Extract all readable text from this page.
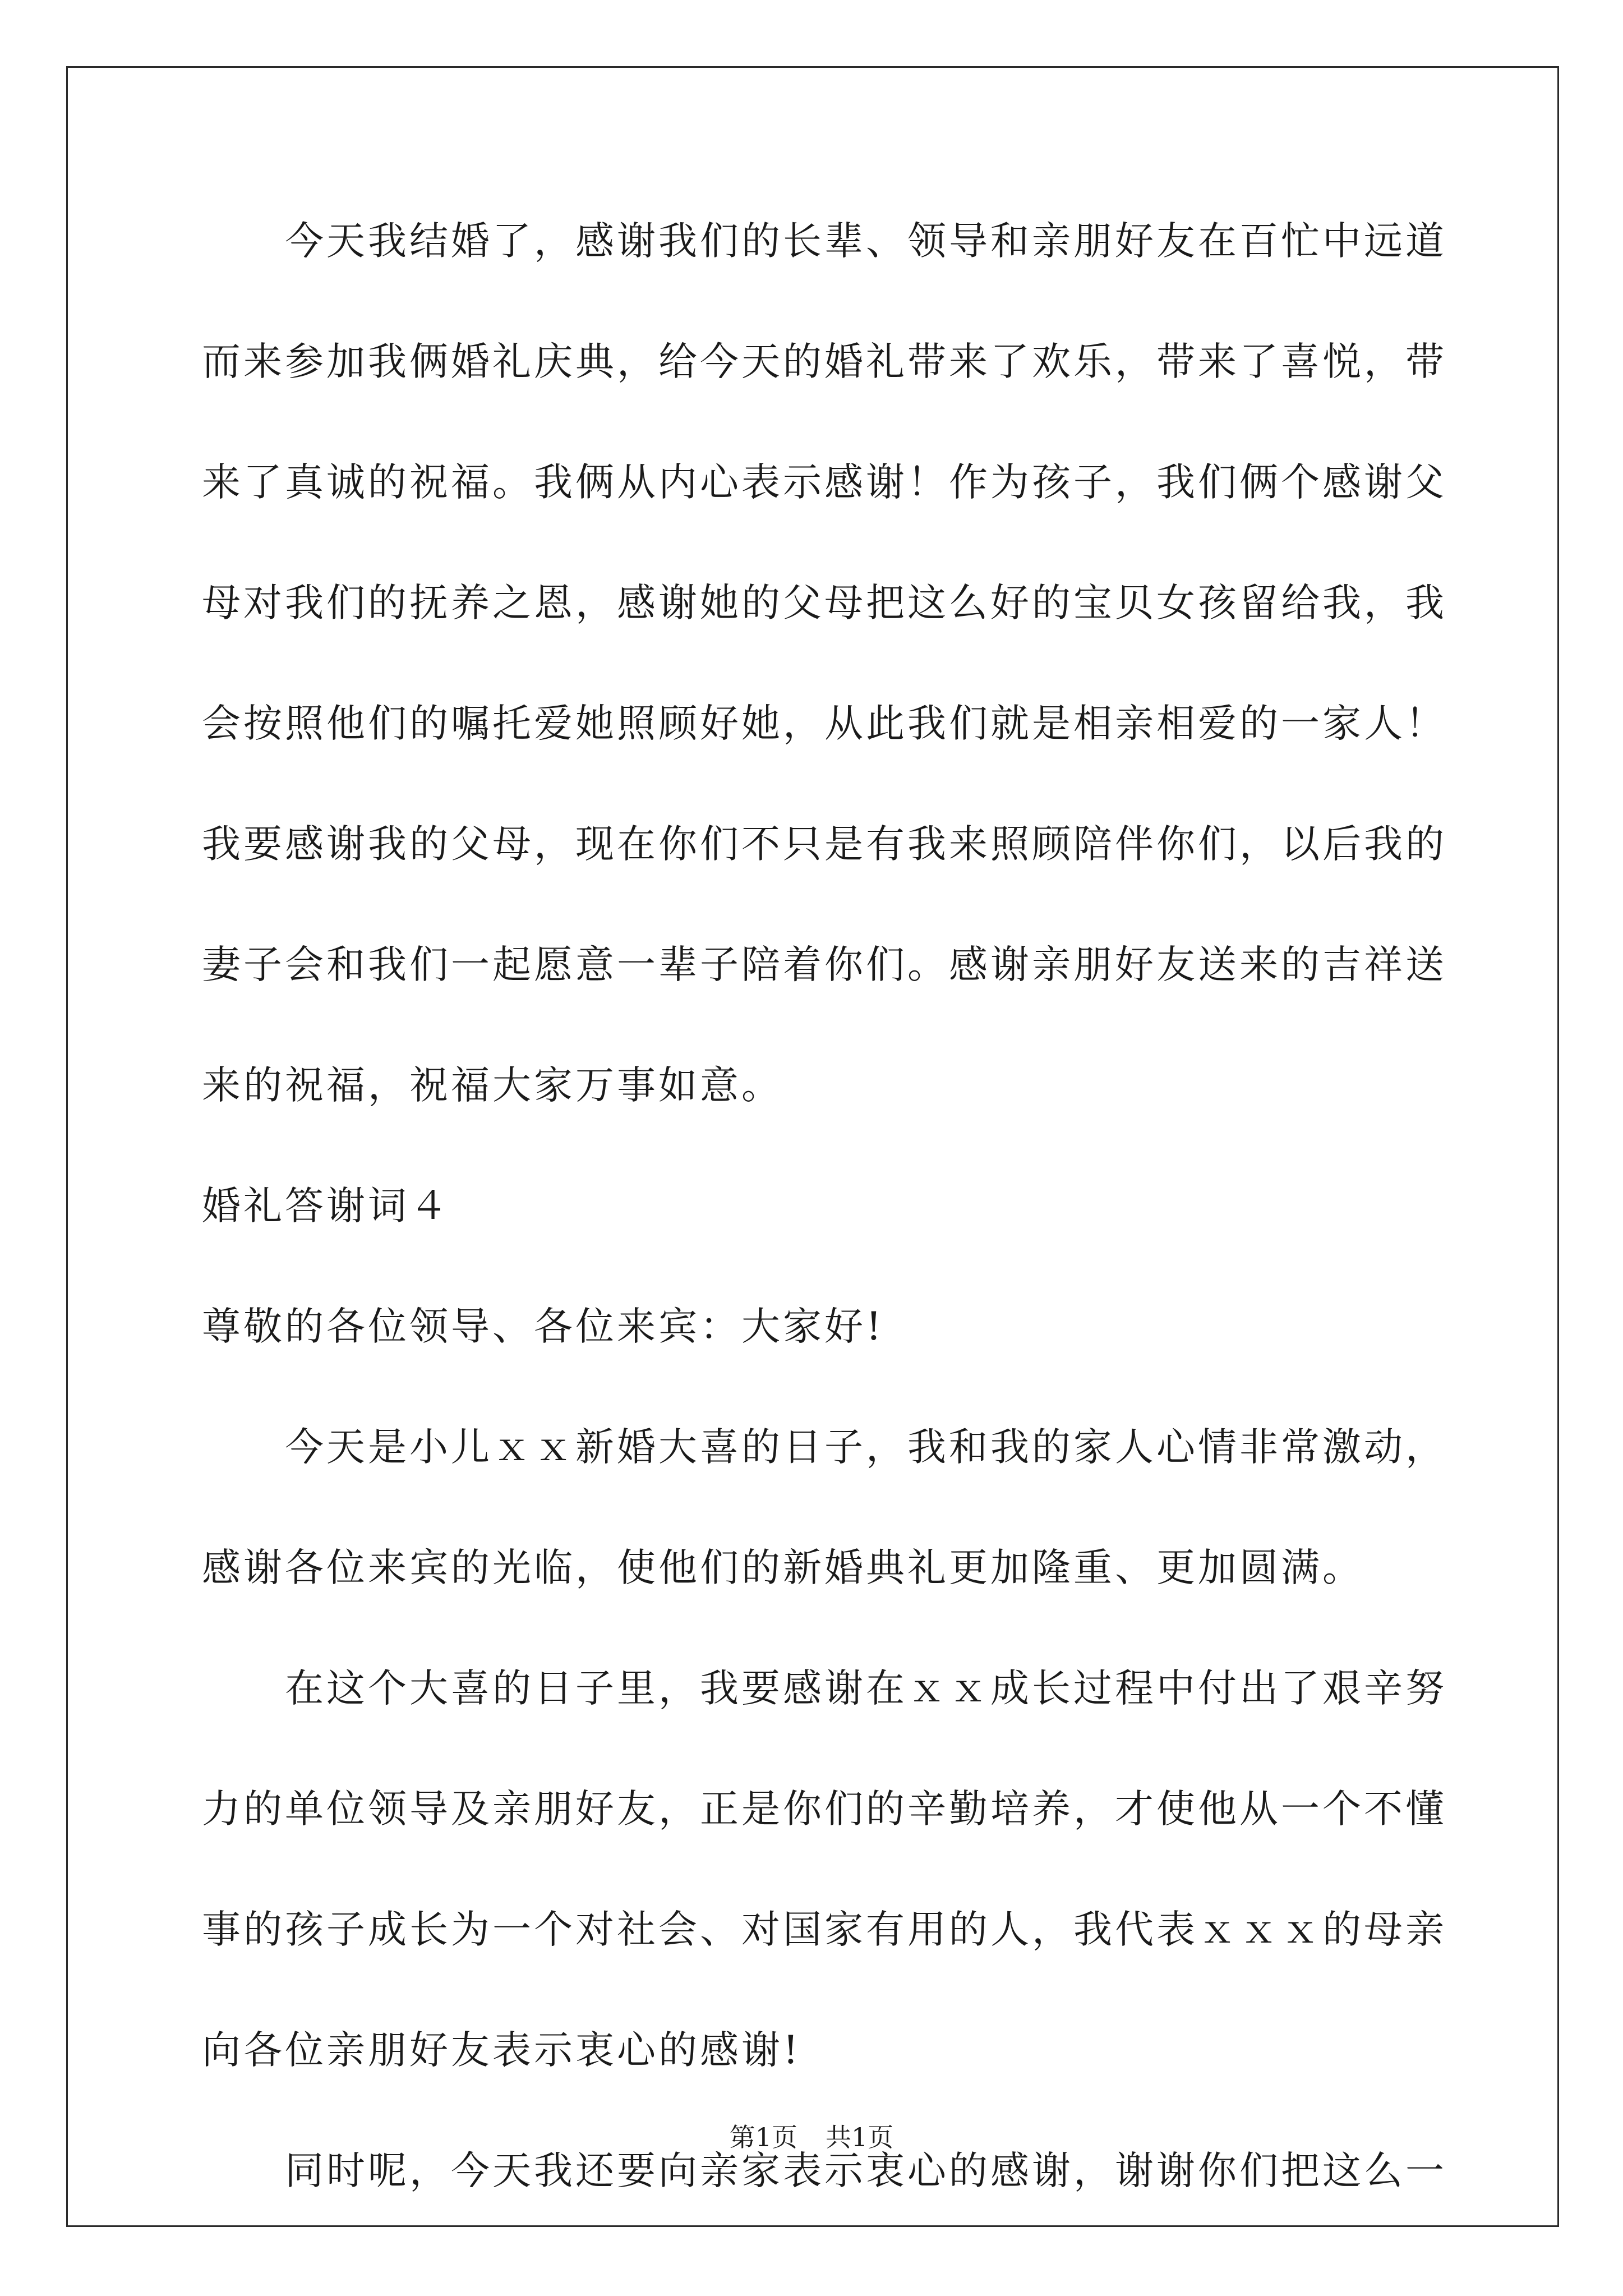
　　今天我结婚了，感谢我们的长辈、领导和亲朋好友在百忙中远道
而来参加我俩婚礼庆典，给今天的婚礼带来了欢乐，带来了喜悦，带
来了真诚的祝福。我俩从内心表示感谢！作为孩子，我们俩个感谢父
母对我们的抚养之恩，感谢她的父母把这么好的宝贝女孩留给我，我
会按照他们的嘱托爱她照顾好她，从此我们就是相亲相爱的一家人！
我要感谢我的父母，现在你们不只是有我来照顾陪伴你们，以后我的
妻子会和我们一起愿意一辈子陪着你们。感谢亲朋好友送来的吉祥送
来的祝福，祝福大家万事如意。
婚礼答谢词４
尊敬的各位领导、各位来宾：大家好!
　　今天是小儿ｘｘ新婚大喜的日子，我和我的家人心情非常激动，
感谢各位来宾的光临，使他们的新婚典礼更加隆重、更加圆满。
　　在这个大喜的日子里，我要感谢在ｘｘ成长过程中付出了艰辛努
力的单位领导及亲朋好友，正是你们的辛勤培养，才使他从一个不懂
事的孩子成长为一个对社会、对国家有用的人，我代表ｘｘｘ的母亲
向各位亲朋好友表示衷心的感谢!
　　同时呢，今天我还要向亲家表示衷心的感谢，谢谢你们把这么一
第1页 共1页
